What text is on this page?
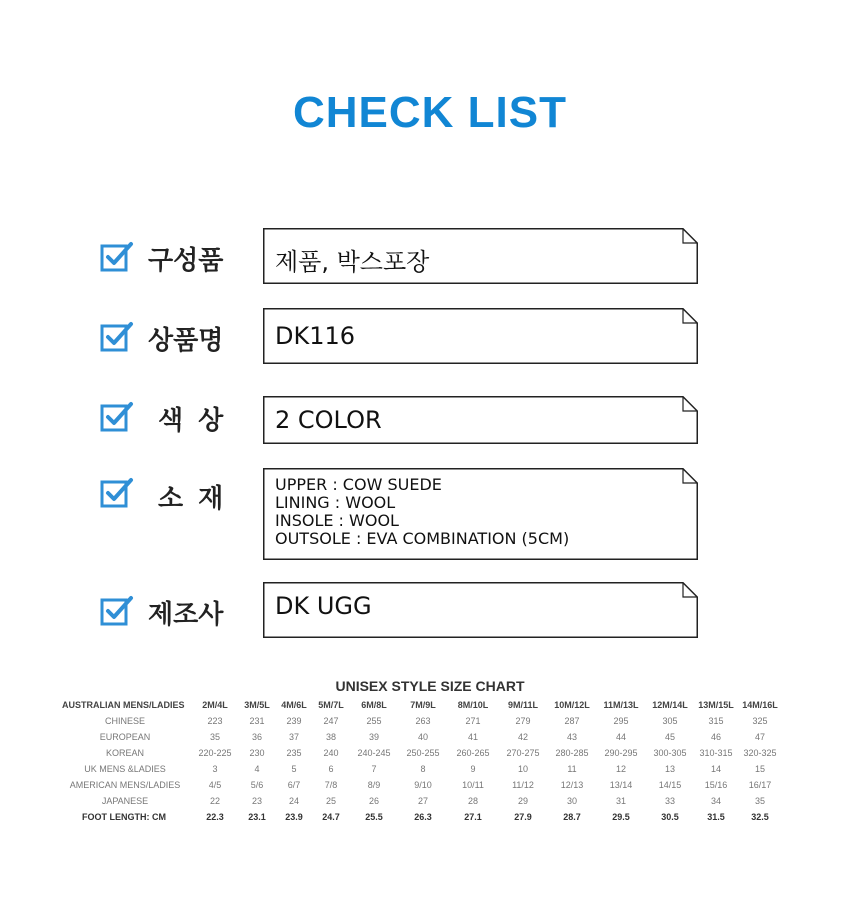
CHECK LIST
구성품 제품, 박스포장
상품명 DK116
색 상 2 COLOR
소 재	UPPER : COW SUEDE
LINING : WOOL
INSOLE : WOOL
OUTSOLE : EVA COMBINATION (5CM)
제조사 DK UGG
UNISEX STYLE SIZE CHART
AUSTRALIAN MENS/LADIES	2M/4L	3M/5L	4M/6L	5M/7L	6M/8L	7M/9L	8M/10L	9M/11L	10M/12L	11M/13L	12M/14L	13M/15L	14M/16L
CHINESE	223	231	239	247	255	263	271	279	287	295	305	315	325
EUROPEAN	35	36	37	38	39	40	41	42	43	44	45	46	47
KOREAN	220-225	230	235	240	240-245	250-255	260-265	270-275	280-285	290-295	300-305	310-315	320-325
UK MENS &LADIES	3	4	5	6	7	8	9	10	11	12	13	14	15
AMERICAN MENS/LADIES	4/5	5/6	6/7	7/8	8/9	9/10	10/11	11/12	12/13	13/14	14/15	15/16	16/17
JAPANESE	22	23	24	25	26	27	28	29	30	31	33	34	35
FOOT LENGTH: CM	22.3	23.1	23.9	24.7	25.5	26.3	27.1	27.9	28.7	29.5	30.5	31.5	32.5
